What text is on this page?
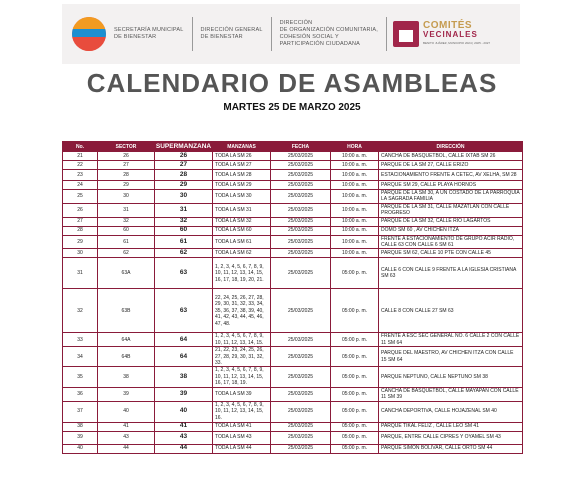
SECRETARÍA MUNICIPAL
DE BIENESTAR
DIRECCIÓN GENERAL
DE BIENESTAR
DIRECCIÓN
DE ORGANIZACIÓN COMUNITARIA,
COHESIÓN SOCIAL Y
PARTICIPACIÓN CIUDADANA
COMITÉS
VECINALES
BENITO JUÁREZ, MUNICIPIO 2024 | 2025 - 2027
CALENDARIO DE ASAMBLEAS
MARTES 25 DE MARZO 2025
No.	SECTOR	SUPERMANZANA	MANZANAS	FECHA	HORA	DIRECCIÓN
21	26	26	TODA LA SM 26	25/03/2025	10:00 a. m.	CANCHA DE BASQUETBOL, CALLE IXTAB SM 26
22	27	27	TODA LA SM 27	25/03/2025	10:00 a. m.	PARQUE DE LA SM 27, CALLE ERIZO
23	28	28	TODA LA SM 28	25/03/2025	10:00 a. m.	ESTACIONAMIENTO FRENTE A CETEC, AV XELHA, SM 28
24	29	29	TODA LA SM 29	25/03/2025	10:00 a. m.	PARQUE SM 29, CALLE PLAYA HORNOS
25	30	30	TODA LA SM 30	25/03/2025	10:00 a. m.	PARQUE DE LA SM 30, A UN COSTADO DE LA PARROQUIA LA SAGRADA FAMILIA
26	31	31	TODA LA SM 31	25/03/2025	10:00 a. m.	PARQUE DE LA SM 31, CALLE MAZATLAN CON CALLE PROGRESO
27	32	32	TODA LA SM 32	25/03/2025	10:00 a. m.	PARQUE DE LA SM 32, CALLE RIO LAGARTOS
28	60	60	TODA LA SM 60	25/03/2025	10:00 a. m.	DOMO SM 60 , AV CHICHEN ITZA
29	61	61	TODA LA SM 61	25/03/2025	10:00 a. m.	FRENTE A ESTACIONAMIENTO DE GRUPO ACIR RADIO, CALLE 63 CON CALLE 6 SM 61
30	62	62	TODA LA SM 62	25/03/2025	10:00 a. m.	PARQUE SM 62, CALLE 10 PTE CON CALLE 45
31	63A	63	1, 2, 3, 4, 5, 6, 7, 8, 9, 10, 11, 12, 13, 14, 15, 16, 17, 18, 19, 20, 21.	25/03/2025	05:00 p. m.	CALLE 6 CON CALLE 9 FRENTE A LA IGLESIA CRISTIANA SM 63
32	63B	63	22, 24, 25, 26, 27, 28, 29, 30, 31, 32, 33, 34, 35, 36, 37, 38, 39, 40, 41, 42, 43, 44, 45, 46, 47, 48.	25/03/2025	05:00 p. m.	CALLE 8 CON CALLE 27 SM 63
33	64A	64	1, 2, 3, 4, 5, 6, 7, 8, 9, 10, 11, 12, 13, 14, 15.	25/03/2025	05:00 p. m.	FRENTE A ESC SEC GENERAL NO. 6 CALLE 2 CON CALLE 11 SM 64
34	64B	64	21, 22, 23, 24, 25, 26, 27, 28, 29, 30, 31, 32, 33.	25/03/2025	05:00 p. m.	PARQUE DEL MAESTRO, AV CHICHEN ITZA CON CALLE 15 SM 64
35	38	38	1, 2, 3, 4, 5, 6, 7, 8, 9, 10, 11, 12, 13, 14, 15, 16, 17, 18, 19.	25/03/2025	05:00 p. m.	PARQUE NEPTUNO, CALLE NEPTUNO SM 38
36	39	39	TODA LA SM 39	25/03/2025	05:00 p. m.	CANCHA DE BASQUETBOL, CALLE MAYAPAN CON CALLE 11 SM 39
37	40	40	1, 2, 3, 4, 5, 6, 7, 8, 9, 10, 11, 12, 13, 14, 15, 16.	25/03/2025	05:00 p. m.	CANCHA DEPORTIVA, CALLE HOJAZENAL SM 40
38	41	41	TODA LA SM 41	25/03/2025	05:00 p. m.	PARQUE TIKAL FELIZ , CALLE LEO SM 41
39	43	43	TODA LA SM 43	25/03/2025	05:00 p. m.	PARQUE, ENTRE CALLE CIPRES Y OYAMEL SM 43
40	44	44	TODA LA SM 44	25/03/2025	05:00 p. m.	PARQUE SIMÓN BOLIVAR, CALLE ORTO SM 44
